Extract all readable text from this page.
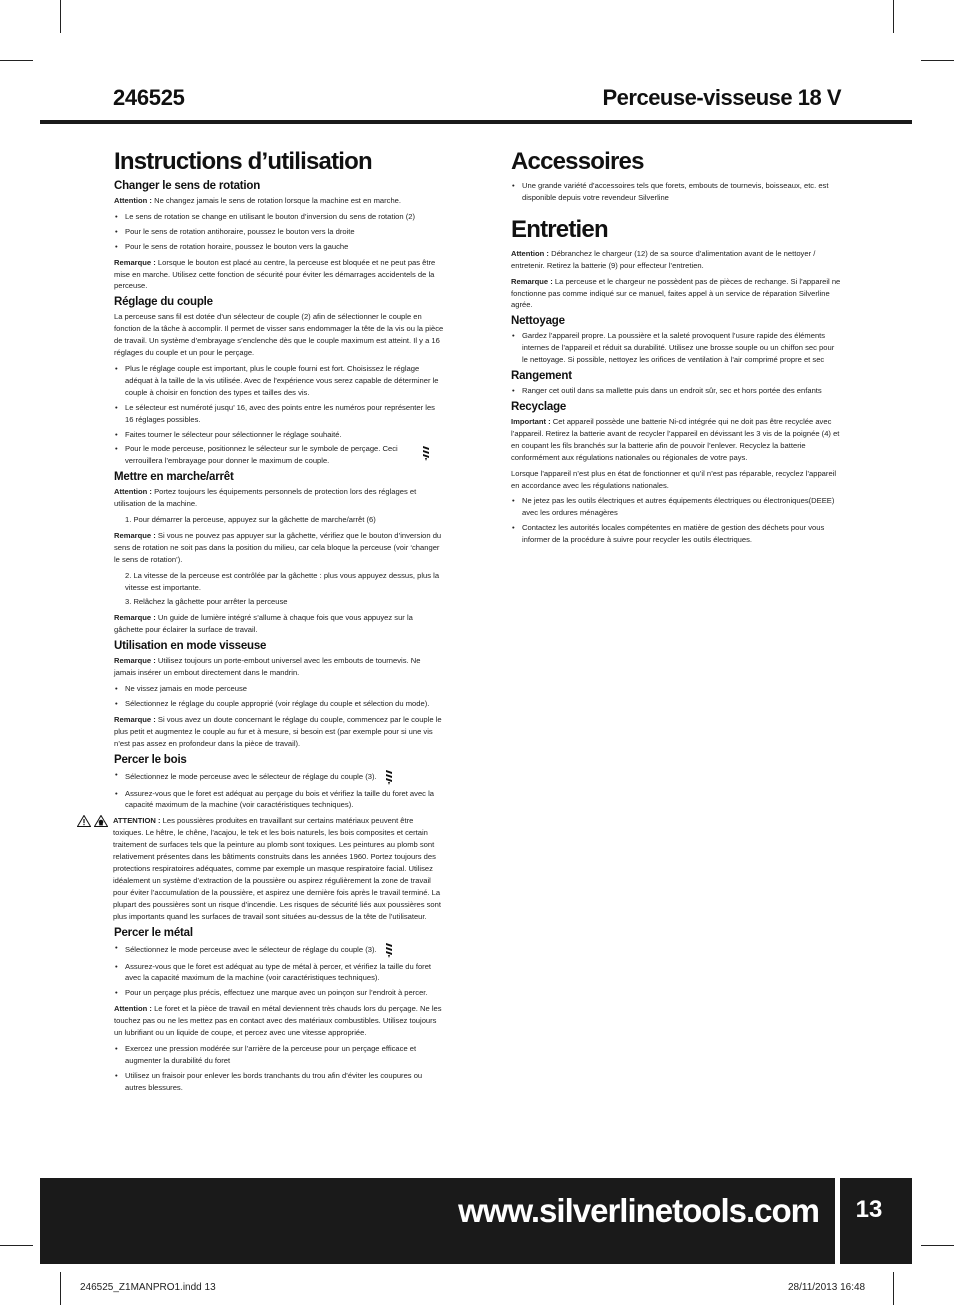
246525	Perceuse-visseuse 18 V
Instructions d’utilisation
Changer le sens de rotation

Attention : Ne changez jamais le sens de rotation lorsque la machine est en marche.

• Le sens de rotation se change en utilisant le bouton d’inversion du sens de rotation (2)
• Pour le sens de rotation antihoraire, poussez le bouton vers la droite
• Pour le sens de rotation horaire, poussez le bouton vers la gauche

Remarque : Lorsque le bouton est placé au centre, la perceuse est bloquée et ne peut pas être mise en marche. Utilisez cette fonction de sécurité pour éviter les démarrages accidentels de la perceuse.

Réglage du couple

La perceuse sans fil est dotée d’un sélecteur de couple (2) afin de sélectionner le couple en fonction de la tâche à accomplir. Il permet de visser sans endommager la tête de la vis ou la pièce de travail. Un système d’embrayage s’enclenche dès que le couple maximum est atteint. Il y a 16 réglages du couple et un pour le perçage.

• Plus le réglage couple est important, plus le couple fourni est fort. Choisissez le réglage adéquat à la taille de la vis utilisée. Avec de l’expérience vous serez capable de déterminer le couple à choisir en fonction des types et tailles des vis.
• Le sélecteur est numéroté jusqu’ 16, avec des points entre les numéros pour représenter les 16 réglages possibles.
• Faites tourner le sélecteur pour sélectionner le réglage souhaité.
• Pour le mode perceuse, positionnez le sélecteur sur le symbole de perçage. Ceci verrouillera l’embrayage pour donner le maximum de couple.
Mettre en marche/arrêt

Attention : Portez toujours les équipements personnels de protection lors des réglages et utilisation de la machine.

1. Pour démarrer la perceuse, appuyez sur la gâchette de marche/arrêt (6)

Remarque : Si vous ne pouvez pas appuyer sur la gâchette, vérifiez que le bouton d’inversion du sens de rotation ne soit pas dans la position du milieu, car cela bloque la perceuse (voir ‘changer le sens de rotation’).

2. La vitesse de la perceuse est contrôlée par la gâchette : plus vous appuyez dessus, plus la vitesse est importante.
3. Relâchez la gâchette pour arrêter la perceuse

Remarque : Un guide de lumière intégré s’allume à chaque fois que vous appuyez sur la gâchette pour éclairer la surface de travail.

Utilisation en mode visseuse

Remarque : Utilisez toujours un porte-embout universel avec les embouts de tournevis. Ne jamais insérer un embout directement dans le mandrin.

• Ne vissez jamais en mode perceuse
• Sélectionnez le réglage du couple approprié (voir réglage du couple et sélection du mode).

Remarque : Si vous avez un doute concernant le réglage du couple, commencez par le couple le plus petit et augmentez le couple au fur et à mesure, si besoin est (par exemple pour si une vis n’est pas assez en profondeur dans la pièce de travail).

Percer le bois
• Sélectionnez le mode perceuse avec le sélecteur de réglage du couple (3).
• Assurez-vous que le foret est adéquat au perçage du bois et vérifiez la taille du foret avec la capacité maximum de la machine (voir caractéristiques techniques).

ATTENTION : Les poussières produites en travaillant sur certains matériaux peuvent être toxiques. Le hêtre, le chêne, l’acajou, le tek et les bois naturels, les bois composites et certain traitement de surfaces tels que la peinture au plomb sont toxiques. Les peintures au plomb sont relativement présentes dans les bâtiments construits dans les années 1960. Portez toujours des protections respiratoires adéquates, comme par exemple un masque respiratoire facial. Utilisez idéalement un système d’extraction de la poussière ou aspirez régulièrement la zone de travail pour éviter l’accumulation de la poussière, et aspirez une dernière fois après le travail terminé. La plupart des poussières sont un risque d’incendie. Les risques de sécurité liés aux poussières sont plus importants quand les surfaces de travail sont situées au-dessus de la tête de l’utilisateur.

Percer le métal
• Sélectionnez le mode perceuse avec le sélecteur de réglage du couple (3).
• Assurez-vous que le foret est adéquat au type de métal à percer, et vérifiez la taille du foret avec la capacité maximum de la machine (voir caractéristiques techniques).
• Pour un perçage plus précis, effectuez une marque avec un poinçon sur l’endroit à percer.

Attention : Le foret et la pièce de travail en métal deviennent très chauds lors du perçage. Ne les touchez pas ou ne les mettez pas en contact avec des matériaux combustibles. Utilisez toujours un lubrifiant ou un liquide de coupe, et percez avec une vitesse appropriée.

• Exercez une pression modérée sur l’arrière de la perceuse pour un perçage efficace et augmenter la durabilité du foret
• Utilisez un fraisoir pour enlever les bords tranchants du trou afin d’éviter les coupures ou autres blessures.
Accessoires
• Une grande variété d’accessoires tels que forets, embouts de tournevis, boisseaux, etc. est disponible depuis votre revendeur Silverline
Entretien

Attention : Débranchez le chargeur (12) de sa source d’alimentation avant de le nettoyer / entretenir. Retirez la batterie (9) pour effecteur l’entretien.

Remarque : La perceuse et le chargeur ne possèdent pas de pièces de rechange. Si l’appareil ne fonctionne pas comme indiqué sur ce manuel, faites appel à un service de réparation Silverline agrée.

Nettoyage
• Gardez l’appareil propre. La poussière et la saleté provoquent l’usure rapide des éléments internes de l’appareil et réduit sa durabilité. Utilisez une brosse souple ou un chiffon sec pour le nettoyage. Si possible, nettoyez les orifices de ventilation à l’air comprimé propre et sec
Rangement
• Ranger cet outil dans sa mallette puis dans un endroit sûr, sec et hors portée des enfants
Recyclage

Important : Cet appareil possède une batterie Ni-cd intégrée qui ne doit pas être recyclée avec l’appareil. Retirez la batterie avant de recycler l’appareil en dévissant les 3 vis de la poignée (4) et en coupant les fils branchés sur la batterie afin de pouvoir l’enlever. Recyclez la batterie conformément aux régulations nationales ou régionales de votre pays.

Lorsque l’appareil n’est plus en état de fonctionner et qu’il n’est pas réparable, recyclez l’appareil en accordance avec les régulations nationales.

• Ne jetez pas les outils électriques et autres équipements électriques ou électroniques(DEEE) avec les ordures ménagères
• Contactez les autorités locales compétentes en matière de gestion des déchets pour vous informer de la procédure à suivre pour recycler les outils électriques.
www.silverlinetools.com	13
246525_Z1MANPRO1.indd 13	28/11/2013 16:48
